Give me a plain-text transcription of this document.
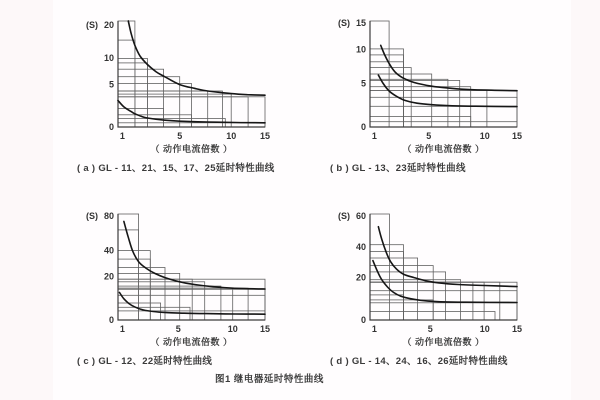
0
5
10
20
1	5	10	15
(S)
（ 动作电流倍数 ）
0
5
10
15
1	5	10 15
(S)
（ 动作电流倍数 ）
0
20
40
80
1	5	10 15
(S)
（ 动作电流倍数 ）
0
20
40
60
1	5	10 15
(S)
（ 动作电流倍数 ）
( a ) GL - 11、21、15、17、25延时特性曲线	( b ) GL - 13、23延时特性曲线
( c ) GL - 12、22延时特性曲线	( d ) GL - 14、24、16、26延时特性曲线
图1 继电器延时特性曲线
